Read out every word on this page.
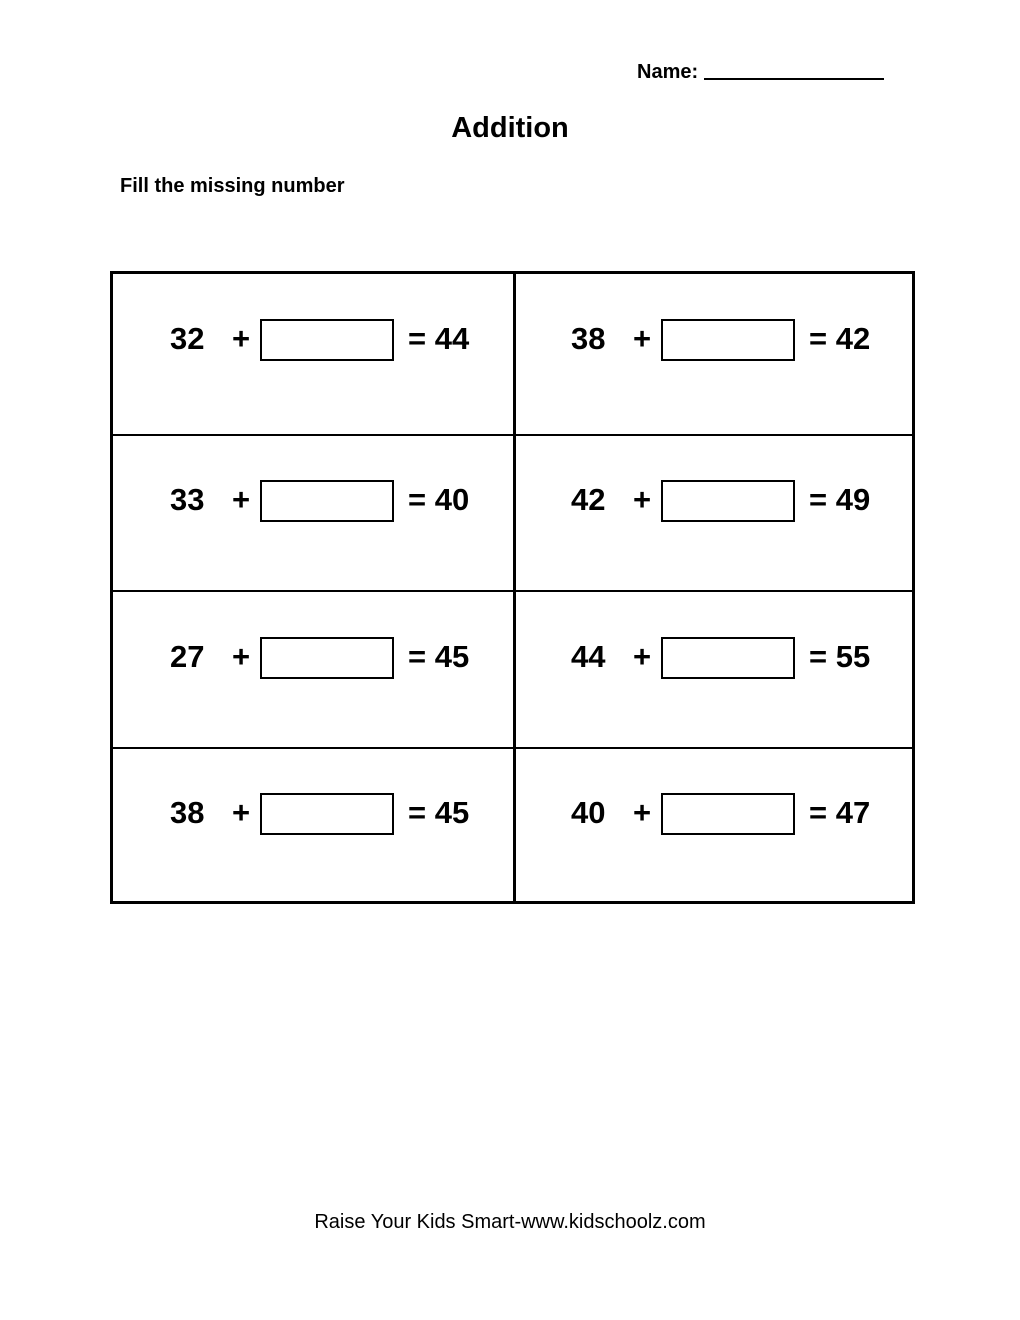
Name:
Addition
Fill the missing number
32 +	= 44	38 +	= 42
33 +	= 40	42 +	= 49
27 +	= 45	44 +	= 55
38 +	= 45	40 +	= 47
Raise Your Kids Smart-www.kidschoolz.com
